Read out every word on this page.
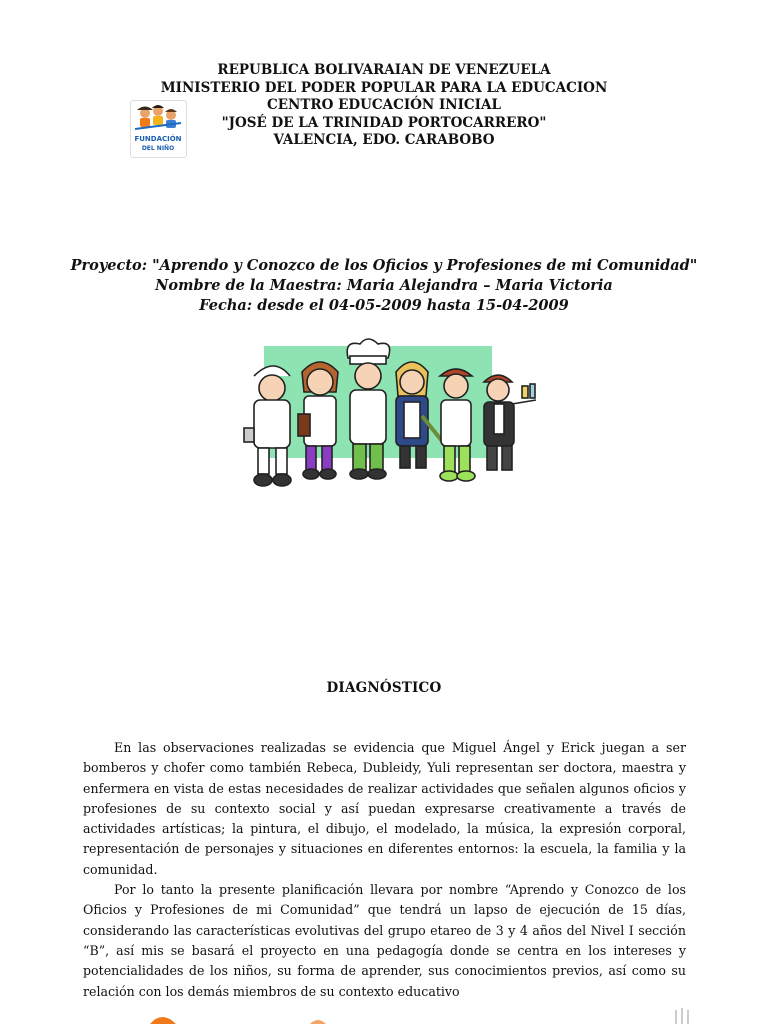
REPUBLICA BOLIVARAIAN DE VENEZUELA
MINISTERIO DEL PODER POPULAR PARA LA EDUCACION
CENTRO EDUCACIÓN INICIAL
"JOSÉ DE LA TRINIDAD PORTOCARRERO"
VALENCIA, EDO. CARABOBO
FUNDACIÓN
DEL NIÑO
Proyecto: "Aprendo y Conozco de los Oficios y Profesiones de mi Comunidad"
Nombre de la Maestra: Maria Alejandra – Maria Victoria
Fecha: desde el 04-05-2009 hasta 15-04-2009
DIAGNÓSTICO

En las observaciones realizadas se evidencia que Miguel Ángel y Erick juegan a ser bomberos y chofer como también Rebeca, Dubleidy, Yuli representan ser doctora, maestra y enfermera en vista de estas necesidades de realizar actividades que señalen algunos oficios y profesiones de su contexto social y así puedan expresarse creativamente a través de actividades artísticas; la pintura, el dibujo, el modelado, la música, la expresión corporal, representación de personajes y situaciones en diferentes entornos: la escuela, la familia y la comunidad.

Por lo tanto la presente planificación llevara por nombre “Aprendo y Conozco de los Oficios y Profesiones de mi Comunidad” que tendrá un lapso de ejecución de 15 días, considerando las características evolutivas del grupo etareo de 3 y 4 años del Nivel I sección “B”, así mis se basará el proyecto en una pedagogía donde se centra en los intereses y potencialidades de los niños, su forma de aprender, sus conocimientos previos, así como su relación con los demás miembros de su contexto educativo
